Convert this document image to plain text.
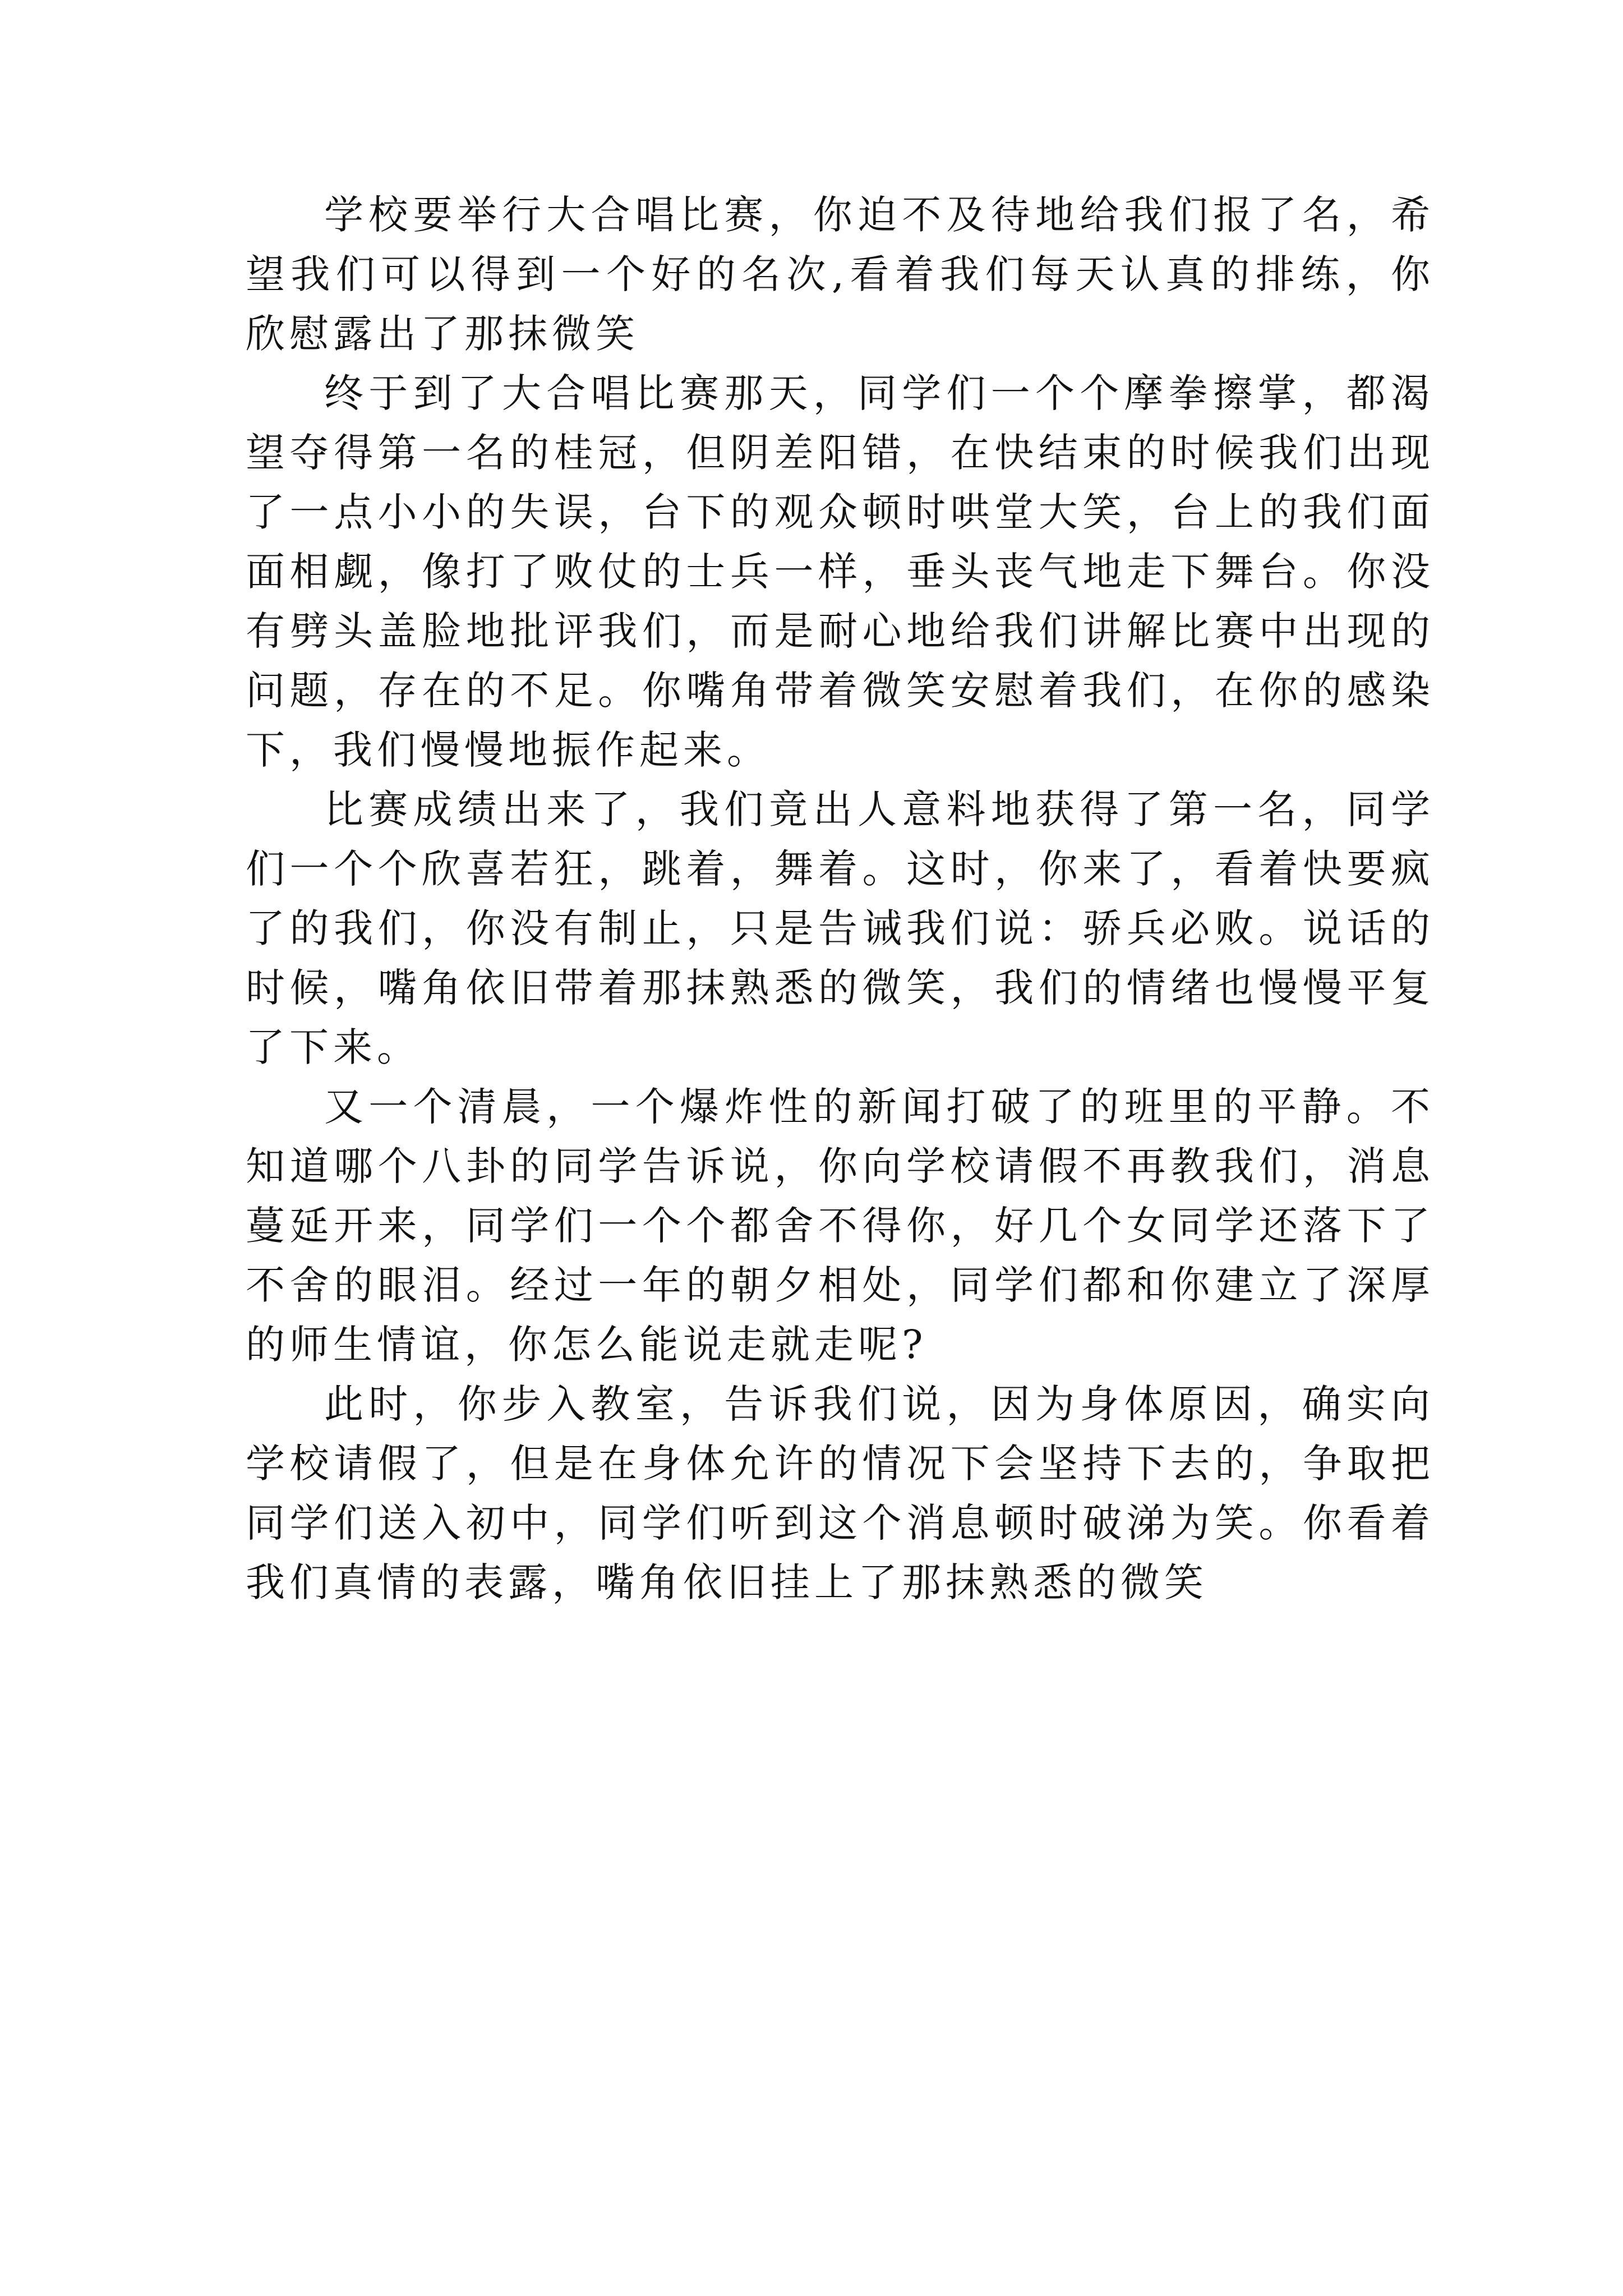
学校要举行大合唱比赛，你迫不及待地给我们报了名，希望我们可以得到一个好的名次,看着我们每天认真的排练，你欣慰露出了那抹微笑

终于到了大合唱比赛那天，同学们一个个摩拳擦掌，都渴望夺得第一名的桂冠，但阴差阳错，在快结束的时候我们出现了一点小小的失误，台下的观众顿时哄堂大笑，台上的我们面面相觑，像打了败仗的士兵一样，垂头丧气地走下舞台。你没有劈头盖脸地批评我们，而是耐心地给我们讲解比赛中出现的问题，存在的不足。你嘴角带着微笑安慰着我们，在你的感染下，我们慢慢地振作起来。

比赛成绩出来了，我们竟出人意料地获得了第一名，同学们一个个欣喜若狂，跳着，舞着。这时，你来了，看着快要疯了的我们，你没有制止，只是告诫我们说：骄兵必败。说话的时候，嘴角依旧带着那抹熟悉的微笑，我们的情绪也慢慢平复了下来。

又一个清晨，一个爆炸性的新闻打破了的班里的平静。不知道哪个八卦的同学告诉说，你向学校请假不再教我们，消息蔓延开来，同学们一个个都舍不得你，好几个女同学还落下了不舍的眼泪。经过一年的朝夕相处，同学们都和你建立了深厚的师生情谊，你怎么能说走就走呢?

此时，你步入教室，告诉我们说，因为身体原因，确实向学校请假了，但是在身体允许的情况下会坚持下去的，争取把同学们送入初中，同学们听到这个消息顿时破涕为笑。你看着我们真情的表露，嘴角依旧挂上了那抹熟悉的微笑
